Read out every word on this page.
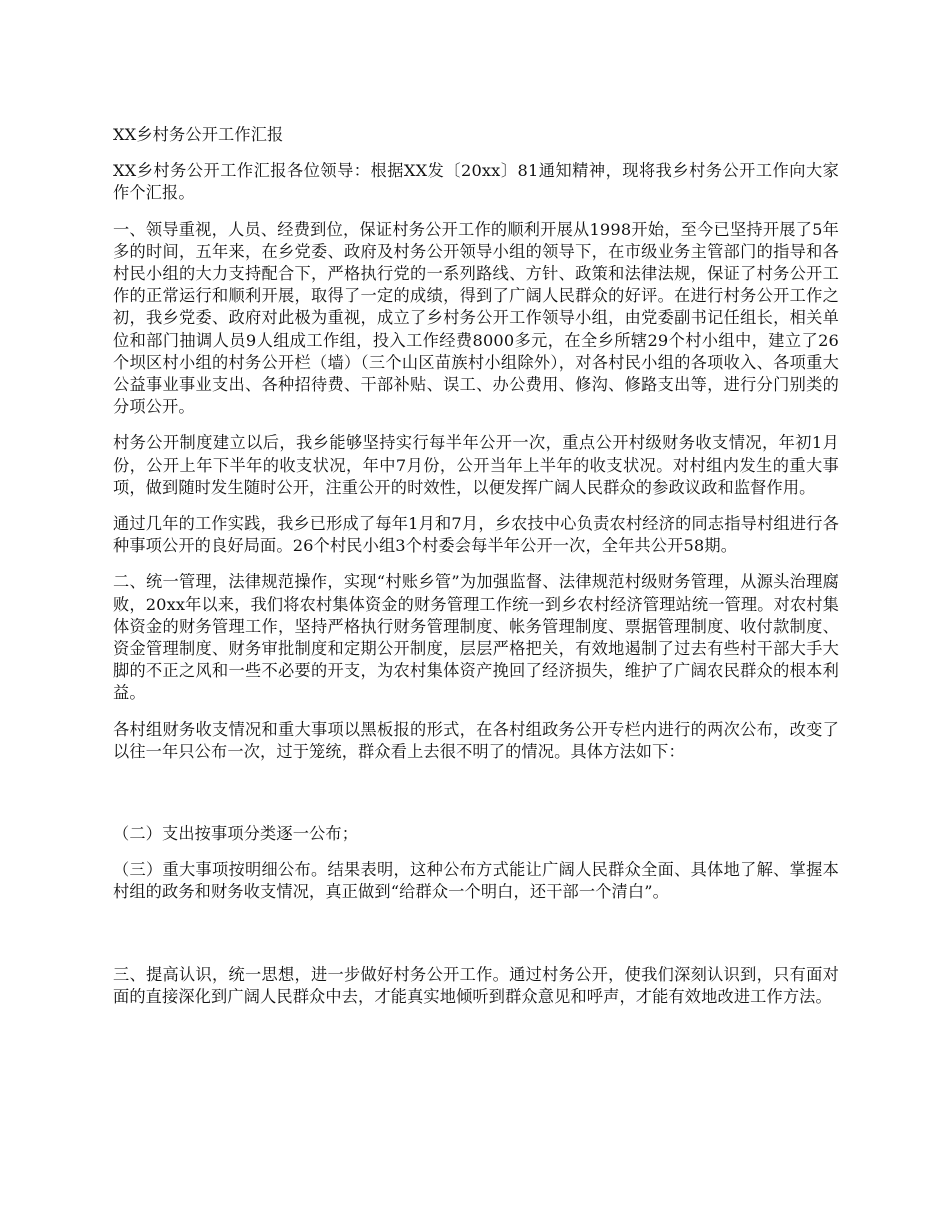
XX乡村务公开工作汇报

XX乡村务公开工作汇报各位领导：根据XX发〔20xx〕81通知精神，现将我乡村务公开工作向大家作个汇报。

一、领导重视，人员、经费到位，保证村务公开工作的顺利开展从1998开始，至今已坚持开展了5年多的时间，五年来，在乡党委、政府及村务公开领导小组的领导下，在市级业务主管部门的指导和各村民小组的大力支持配合下，严格执行党的一系列路线、方针、政策和法律法规，保证了村务公开工作的正常运行和顺利开展，取得了一定的成绩，得到了广阔人民群众的好评。在进行村务公开工作之初，我乡党委、政府对此极为重视，成立了乡村务公开工作领导小组，由党委副书记任组长，相关单位和部门抽调人员9人组成工作组，投入工作经费8000多元，在全乡所辖29个村小组中，建立了26个坝区村小组的村务公开栏（墙）（三个山区苗族村小组除外），对各村民小组的各项收入、各项重大公益事业事业支出、各种招待费、干部补贴、误工、办公费用、修沟、修路支出等，进行分门别类的分项公开。

村务公开制度建立以后，我乡能够坚持实行每半年公开一次，重点公开村级财务收支情况，年初1月份，公开上年下半年的收支状况，年中7月份，公开当年上半年的收支状况。对村组内发生的重大事项，做到随时发生随时公开，注重公开的时效性，以便发挥广阔人民群众的参政议政和监督作用。

通过几年的工作实践，我乡已形成了每年1月和7月，乡农技中心负责农村经济的同志指导村组进行各种事项公开的良好局面。26个村民小组3个村委会每半年公开一次，全年共公开58期。

二、统一管理，法律规范操作，实现“村账乡管”为加强监督、法律规范村级财务管理，从源头治理腐败，20xx年以来，我们将农村集体资金的财务管理工作统一到乡农村经济管理站统一管理。对农村集体资金的财务管理工作，坚持严格执行财务管理制度、帐务管理制度、票据管理制度、收付款制度、资金管理制度、财务审批制度和定期公开制度，层层严格把关，有效地遏制了过去有些村干部大手大脚的不正之风和一些不必要的开支，为农村集体资产挽回了经济损失，维护了广阔农民群众的根本利益。

各村组财务收支情况和重大事项以黑板报的形式，在各村组政务公开专栏内进行的两次公布，改变了以往一年只公布一次，过于笼统，群众看上去很不明了的情况。具体方法如下：

（二）支出按事项分类逐一公布；

（三）重大事项按明细公布。结果表明，这种公布方式能让广阔人民群众全面、具体地了解、掌握本村组的政务和财务收支情况，真正做到“给群众一个明白，还干部一个清白”。

三、提高认识，统一思想，进一步做好村务公开工作。通过村务公开，使我们深刻认识到，只有面对面的直接深化到广阔人民群众中去，才能真实地倾听到群众意见和呼声，才能有效地改进工作方法。
